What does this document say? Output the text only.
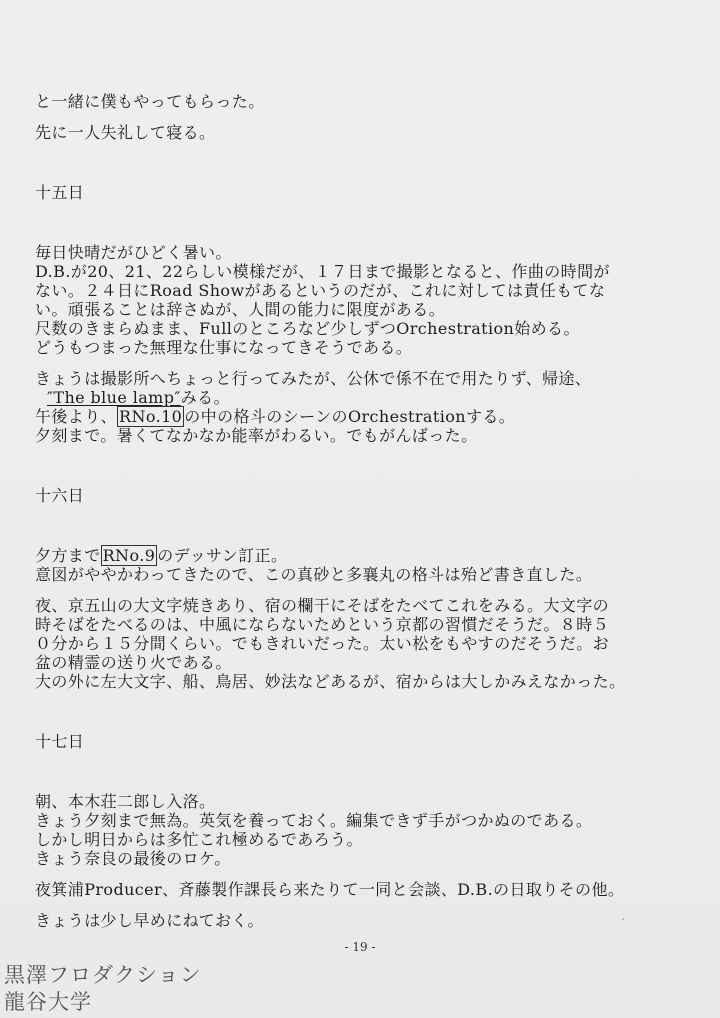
と一緒に僕もやってもらった。
先に一人失礼して寝る。
十五日
毎日快晴だがひどく暑い。
D.B.が20、21、22らしい模様だが、１７日まで撮影となると、作曲の時間が
ない。２４日にRoad Showがあるというのだが、これに対しては責任もてな
い。頑張ることは辞さぬが、人間の能力に限度がある。
尺数のきまらぬまま、Fullのところなど少しずつOrchestration始める。
どうもつまった無理な仕事になってきそうである。
きょうは撮影所へちょっと行ってみたが、公休で係不在で用たりず、帰途、
″The blue lamp″みる。
午後より、 RNo.10 の中の格斗のシーンのOrchestrationする。
夕刻まで。暑くてなかなか能率がわるい。でもがんばった。
十六日
夕方まで RNo.9 のデッサン訂正。
意図がややかわってきたので、この真砂と多襄丸の格斗は殆ど書き直した。
夜、京五山の大文字焼きあり、宿の欄干にそばをたべてこれをみる。大文字の
時そばをたべるのは、中風にならないためという京都の習慣だそうだ。８時５
０分から１５分間くらい。でもきれいだった。太い松をもやすのだそうだ。お
盆の精霊の送り火である。
大の外に左大文字、船、鳥居、妙法などあるが、宿からは大しかみえなかった。
十七日
朝、本木荘二郎し入洛。
きょう夕刻まで無為。英気を養っておく。編集できず手がつかぬのである。
しかし明日からは多忙これ極めるであろう。
きょう奈良の最後のロケ。
夜箕浦Producer、斉藤製作課長ら来たりて一同と会談、D.B.の日取りその他。
きょうは少し早めにねておく。	′
- 19 -
黒澤フロダクション
龍谷大学
